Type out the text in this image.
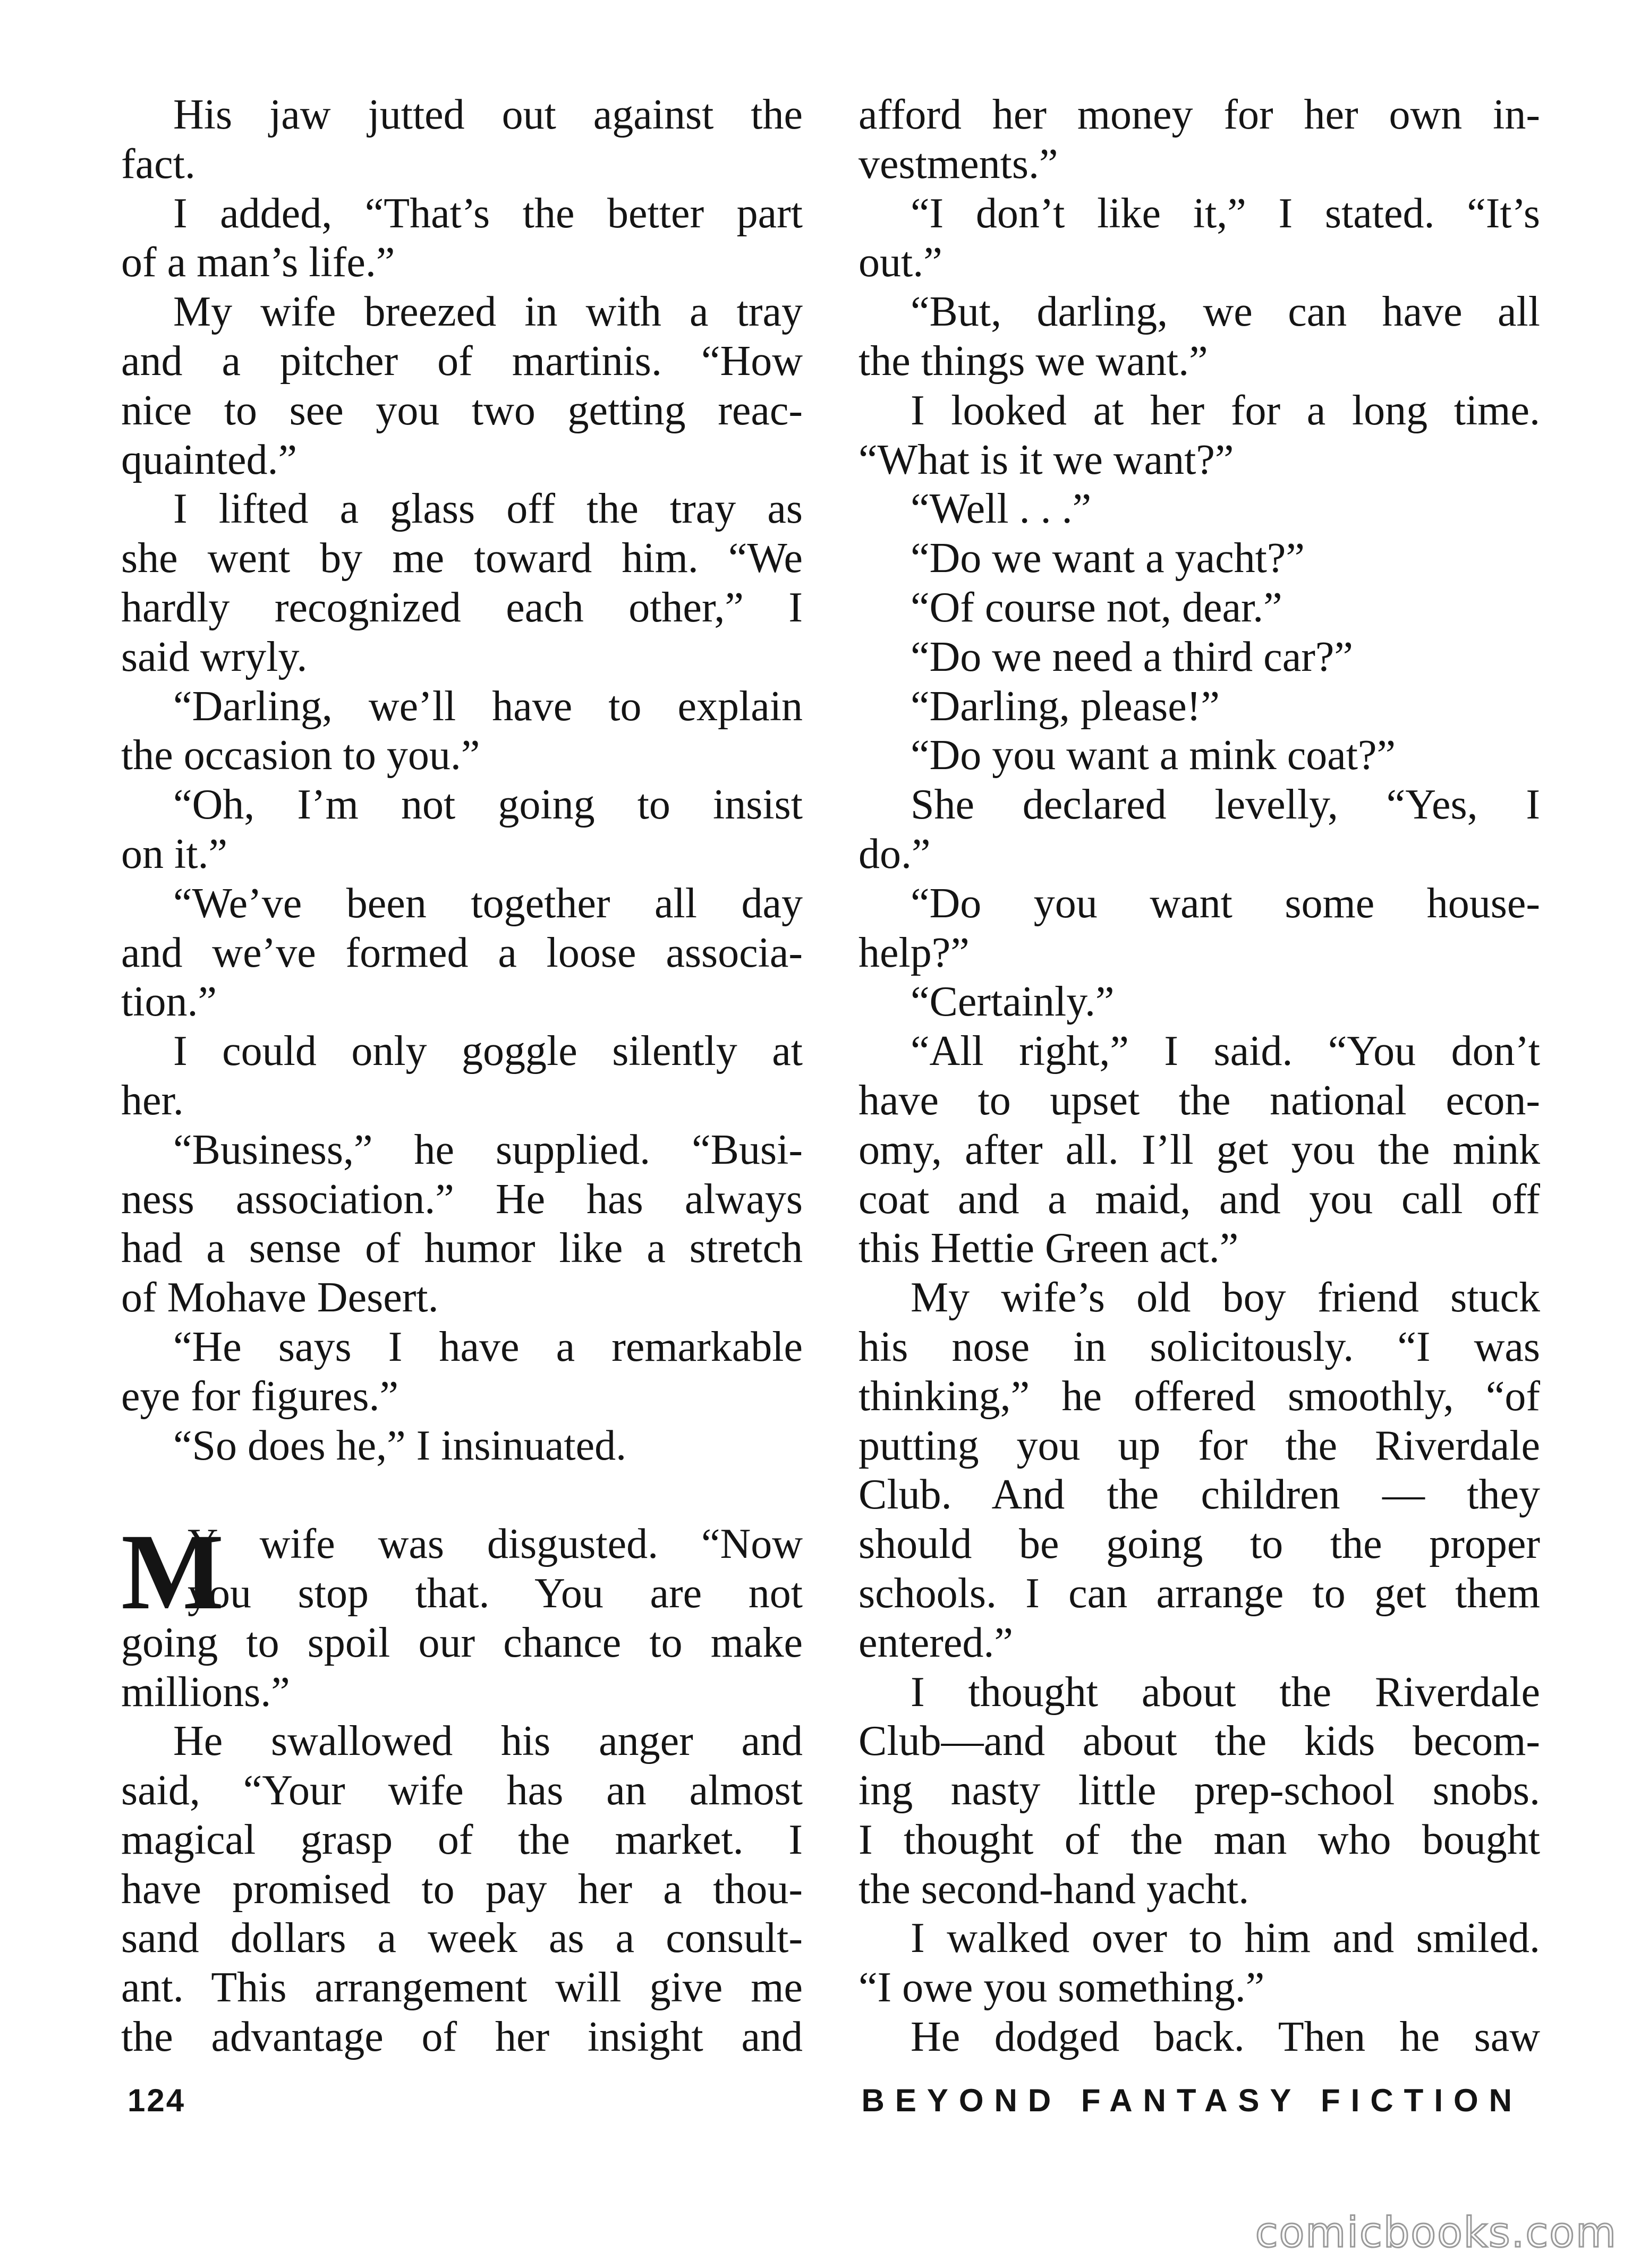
His jaw jutted out against the
fact.
I added, “That’s the better part
of a man’s life.”
My wife breezed in with a tray
and a pitcher of martinis. “How
nice to see you two getting reac-
quainted.”
I lifted a glass off the tray as
she went by me toward him. “We
hardly recognized each other,” I
said wryly.
“Darling, we’ll have to explain
the occasion to you.”
“Oh, I’m not going to insist
on it.”
“We’ve been together all day
and we’ve formed a loose associa-
tion.”
I could only goggle silently at
her.
“Business,” he supplied. “Busi-
ness association.” He has always
had a sense of humor like a stretch
of Mohave Desert.
“He says I have a remarkable
eye for figures.”
“So does he,” I insinuated.
Y wife was disgusted. “Now
M
you stop that. You are not
going to spoil our chance to make
millions.”
He swallowed his anger and
said, “Your wife has an almost
magical grasp of the market. I
have promised to pay her a thou-
sand dollars a week as a consult-
ant. This arrangement will give me
the advantage of her insight and
afford her money for her own in-
vestments.”
“I don’t like it,” I stated. “It’s
out.”
“But, darling, we can have all
the things we want.”
I looked at her for a long time.
“What is it we want?”
“Well . . .”
“Do we want a yacht?”
“Of course not, dear.”
“Do we need a third car?”
“Darling, please!”
“Do you want a mink coat?”
She declared levelly, “Yes, I
do.”
“Do you want some house-
help?”
“Certainly.”
“All right,” I said. “You don’t
have to upset the national econ-
omy, after all. I’ll get you the mink
coat and a maid, and you call off
this Hettie Green act.”
My wife’s old boy friend stuck
his nose in solicitously. “I was
thinking,” he offered smoothly, “of
putting you up for the Riverdale
Club. And the children — they
should be going to the proper
schools. I can arrange to get them
entered.”
I thought about the Riverdale
Club—and about the kids becom-
ing nasty little prep-school snobs.
I thought of the man who bought
the second-hand yacht.
I walked over to him and smiled.
“I owe you something.”
He dodged back. Then he saw
124	BEYOND FANTASY FICTION
comicbooks.com
